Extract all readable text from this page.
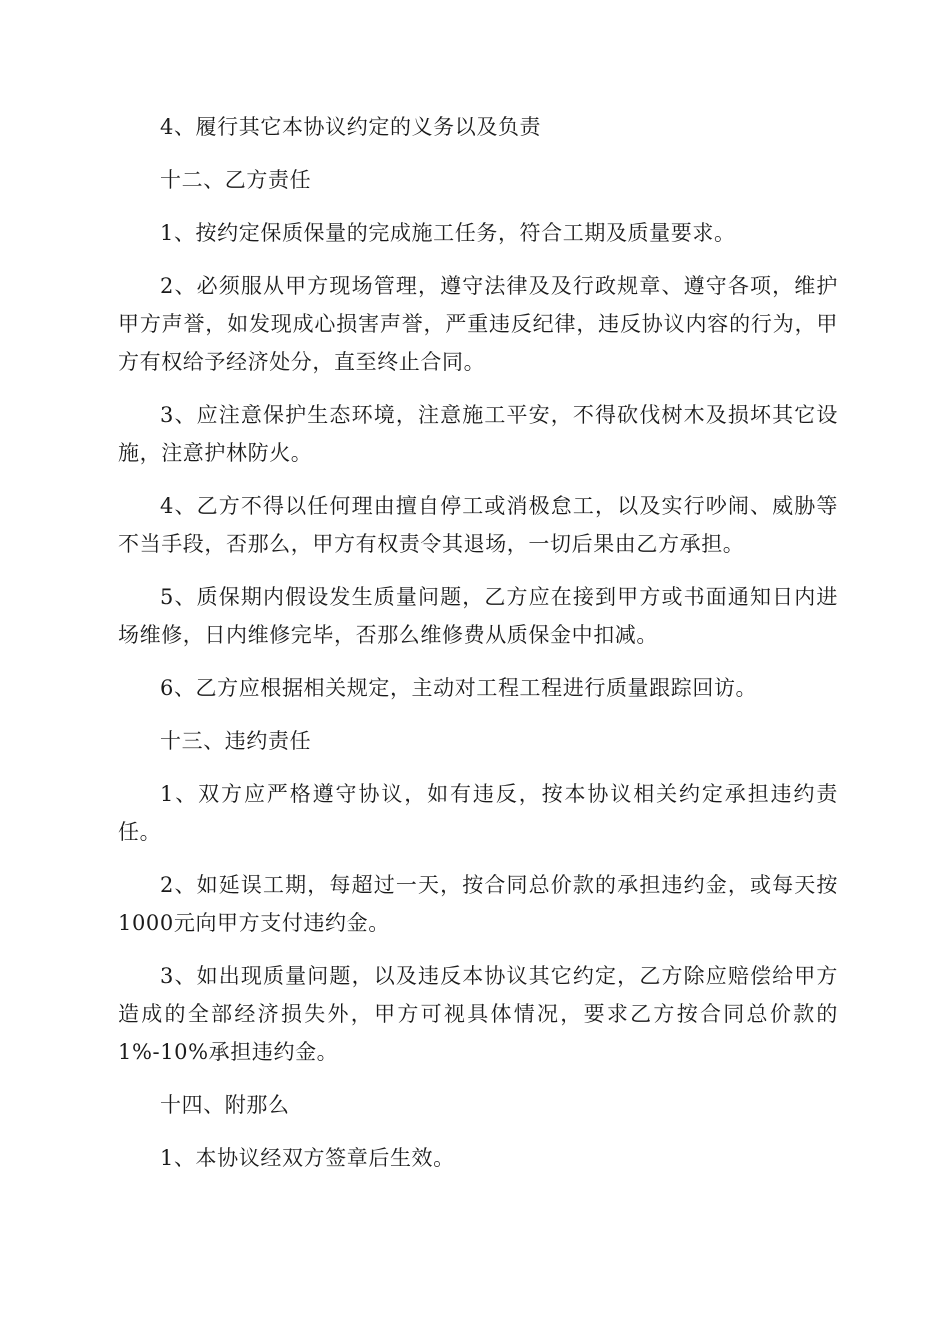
4、履行其它本协议约定的义务以及负责

十二、乙方责任

1、按约定保质保量的完成施工任务，符合工期及质量要求。

2、必须服从甲方现场管理，遵守法律及及行政规章、遵守各项，维护甲方声誉，如发现成心损害声誉，严重违反纪律，违反协议内容的行为，甲方有权给予经济处分，直至终止合同。

3、应注意保护生态环境，注意施工平安，不得砍伐树木及损坏其它设施，注意护林防火。

4、乙方不得以任何理由擅自停工或消极怠工，以及实行吵闹、威胁等不当手段，否那么，甲方有权责令其退场，一切后果由乙方承担。

5、质保期内假设发生质量问题，乙方应在接到甲方或书面通知日内进场维修，日内维修完毕，否那么维修费从质保金中扣减。

6、乙方应根据相关规定，主动对工程工程进行质量跟踪回访。

十三、违约责任

1、双方应严格遵守协议，如有违反，按本协议相关约定承担违约责任。

2、如延误工期，每超过一天，按合同总价款的承担违约金，或每天按1000元向甲方支付违约金。

3、如出现质量问题，以及违反本协议其它约定，乙方除应赔偿给甲方造成的全部经济损失外，甲方可视具体情况，要求乙方按合同总价款的1%-10%承担违约金。

十四、附那么

1、本协议经双方签章后生效。
